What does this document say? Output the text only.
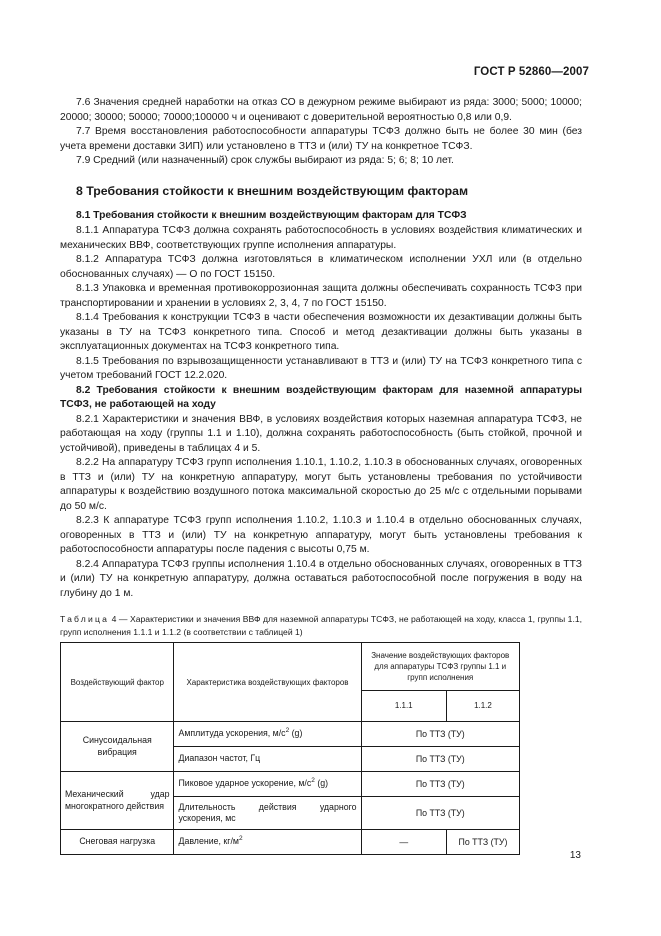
ГОСТ Р 52860—2007

7.6 Значения средней наработки на отказ СО в дежурном режиме выбирают из ряда: 3000; 5000; 10000; 20000; 30000; 50000; 70000;100000 ч и оценивают с доверительной вероятностью 0,8 или 0,9.

7.7 Время восстановления работоспособности аппаратуры ТСФЗ должно быть не более 30 мин (без учета времени доставки ЗИП) или установлено в ТТЗ и (или) ТУ на конкретное ТСФЗ.

7.9 Средний (или назначенный) срок службы выбирают из ряда: 5; 6; 8; 10 лет.

8 Требования стойкости к внешним воздействующим факторам

8.1 Требования стойкости к внешним воздействующим факторам для ТСФЗ

8.1.1 Аппаратура ТСФЗ должна сохранять работоспособность в условиях воздействия климатических и механических ВВФ, соответствующих группе исполнения аппаратуры.

8.1.2 Аппаратура ТСФЗ должна изготовляться в климатическом исполнении УХЛ или (в отдельно обоснованных случаях) — О по ГОСТ 15150.

8.1.3 Упаковка и временная противокоррозионная защита должны обеспечивать сохранность ТСФЗ при транспортировании и хранении в условиях 2, 3, 4, 7 по ГОСТ 15150.

8.1.4 Требования к конструкции ТСФЗ в части обеспечения возможности их дезактивации должны быть указаны в ТУ на ТСФЗ конкретного типа. Способ и метод дезактивации должны быть указаны в эксплуатационных документах на ТСФЗ конкретного типа.

8.1.5 Требования по взрывозащищенности устанавливают в ТТЗ и (или) ТУ на ТСФЗ конкретного типа с учетом требований ГОСТ 12.2.020.

8.2 Требования стойкости к внешним воздействующим факторам для наземной аппаратуры ТСФЗ, не работающей на ходу

8.2.1 Характеристики и значения ВВФ, в условиях воздействия которых наземная аппаратура ТСФЗ, не работающая на ходу (группы 1.1 и 1.10), должна сохранять работоспособность (быть стойкой, прочной и устойчивой), приведены в таблицах 4 и 5.

8.2.2 На аппаратуру ТСФЗ групп исполнения 1.10.1, 1.10.2, 1.10.3 в обоснованных случаях, оговоренных в ТТЗ и (или) ТУ на конкретную аппаратуру, могут быть установлены требования по устойчивости аппаратуры к воздействию воздушного потока максимальной скоростью до 25 м/с с отдельными порывами до 50 м/с.

8.2.3 К аппаратуре ТСФЗ групп исполнения 1.10.2, 1.10.3 и 1.10.4 в отдельно обоснованных случаях, оговоренных в ТТЗ и (или) ТУ на конкретную аппаратуру, могут быть установлены требования к работоспособности аппаратуры после падения с высоты 0,75 м.

8.2.4 Аппаратура ТСФЗ группы исполнения 1.10.4 в отдельно обоснованных случаях, оговоренных в ТТЗ и (или) ТУ на конкретную аппаратуру, должна оставаться работоспособной после погружения в воду на глубину до 1 м.

Таблица 4 — Характеристики и значения ВВФ для наземной аппаратуры ТСФЗ, не работающей на ходу, класса 1, группы 1.1, групп исполнения 1.1.1 и 1.1.2 (в соответствии с таблицей 1)
Воздействующий фактор	Характеристика воздействующих факторов	Значение воздействующих факторов для аппаратуры ТСФЗ группы 1.1 и групп исполнения	
		1.1.1	1.1.2
Синусоидальная вибрация	Амплитуда ускорения, $м/с^2$ (g)	По ТТЗ (ТУ)	
	Диапазон частот, Гц	По ТТЗ (ТУ)	
Механический удар многократного действия	Пиковое ударное ускорение, $м/с^2$ (g)	По ТТЗ (ТУ)	
	Длительность действия ударного ускорения, мс	По ТТЗ (ТУ)	
Снеговая нагрузка	Давление, $кг/м^2$	—	По ТТЗ (ТУ)
13
